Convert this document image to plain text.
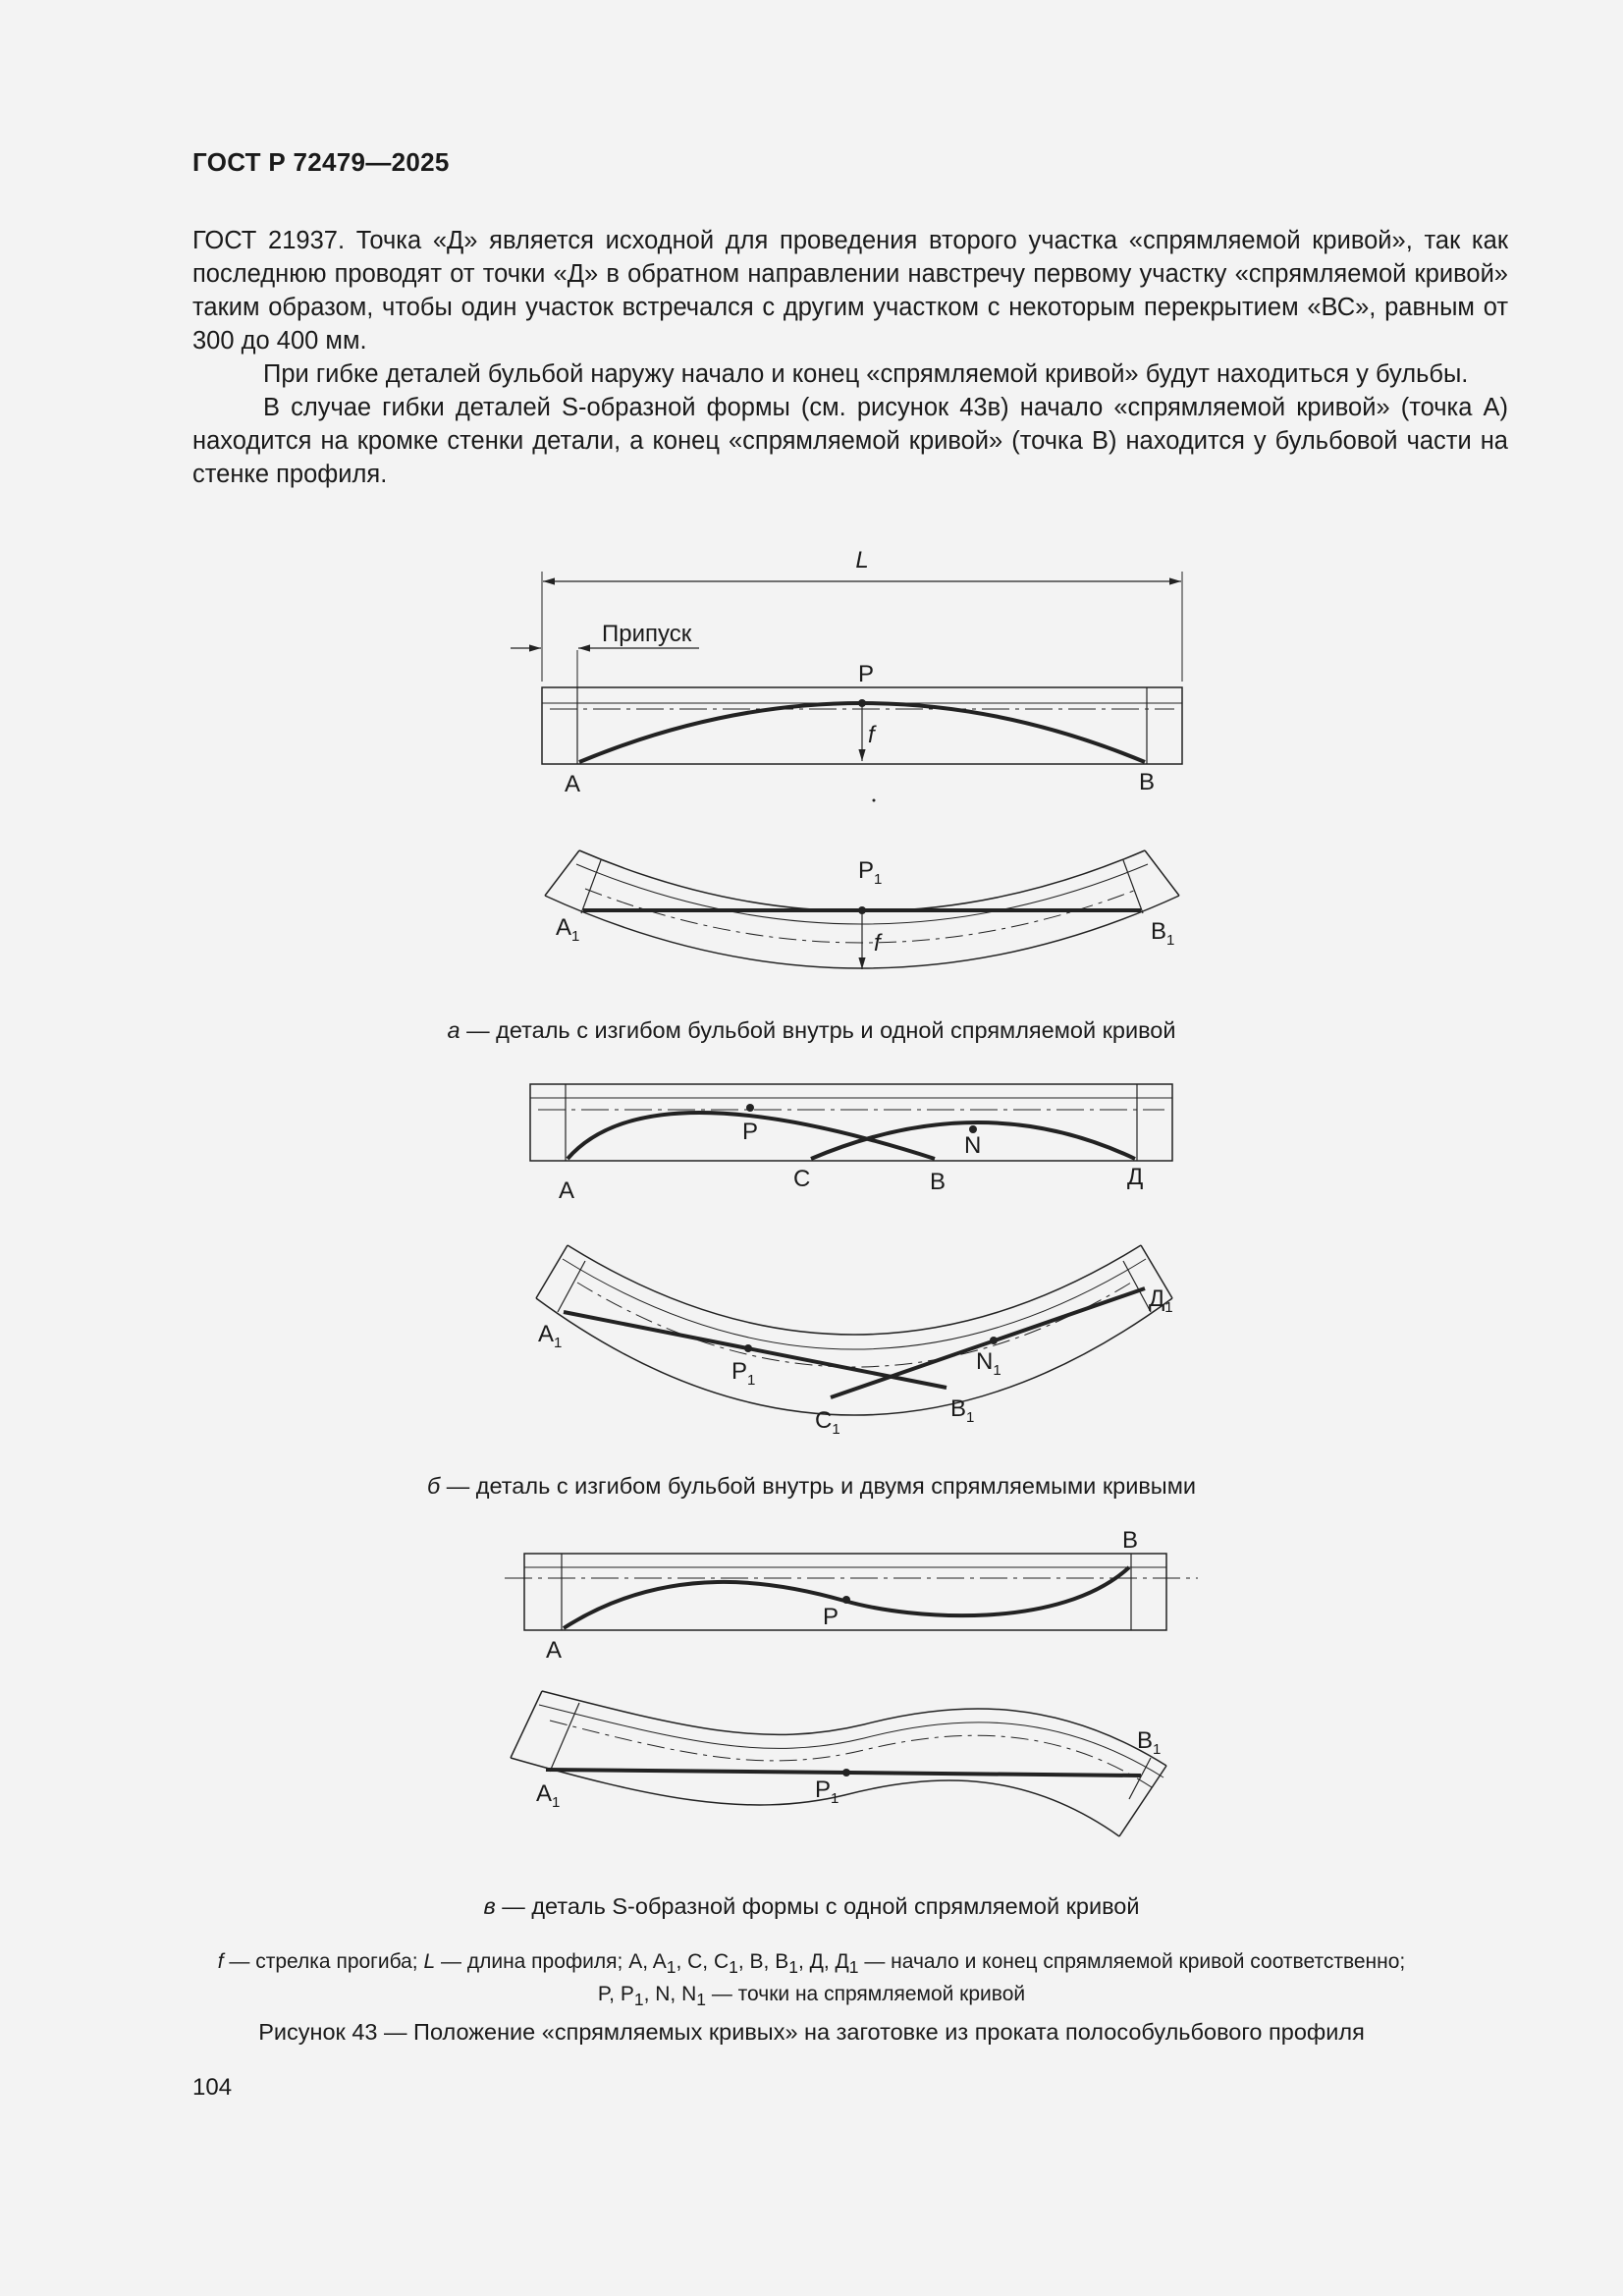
ГОСТ Р 72479—2025

ГОСТ 21937. Точка «Д» является исходной для проведения второго участка «спрямляемой кривой», так как последнюю проводят от точки «Д» в обратном направлении навстречу первому участку «спрямляемой кривой» таким образом, чтобы один участок встречался с другим участком с некоторым перекрытием «ВС», равным от 300 до 400 мм.

При гибке деталей бульбой наружу начало и конец «спрямляемой кривой» будут находиться у бульбы.

В случае гибки деталей S-образной формы (см. рисунок 43в) начало «спрямляемой кривой» (точка А) находится на кромке стенки детали, а конец «спрямляемой кривой» (точка В) находится у бульбовой части на стенке профиля.

L
Припуск
P
f
A	B
$P_1$
$A_1$	f	$B_1$
P
N
A	C	B	Д
$A_1$
$P_1$
$C_1$
$N_1$
$B_1$
$Д_1$
B
P
A
$B_1$
$A_1$	$P_1$
а — деталь с изгибом бульбой внутрь и одной спрямляемой кривой
б — деталь с изгибом бульбой внутрь и двумя спрямляемыми кривыми
в — деталь S-образной формы с одной спрямляемой кривой
f — стрелка прогиба; L — длина профиля; A, $A_1$, C, $C_1$, B, $B_1$, Д, $Д_1$ — начало и конец спрямляемой кривой соответственно;
P, $P_1$, N, $N_1$ — точки на спрямляемой кривой
Рисунок 43 — Положение «спрямляемых кривых» на заготовке из проката полособульбового профиля
104
